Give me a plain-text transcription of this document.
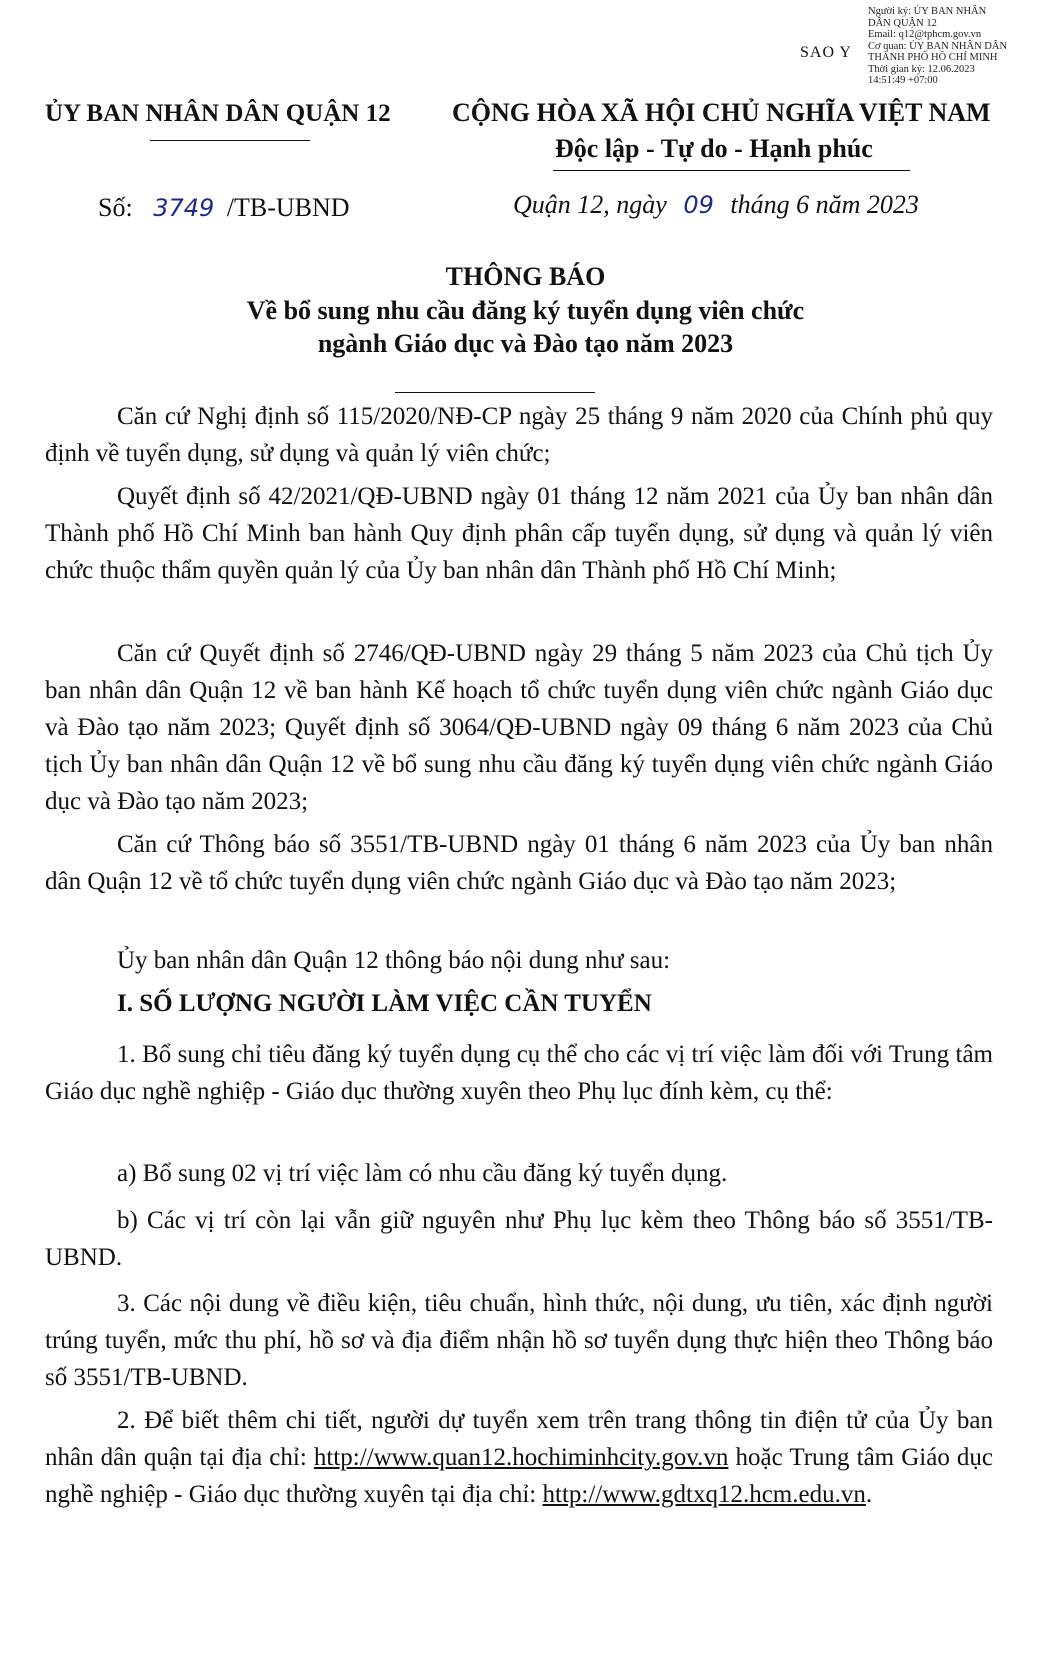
Người ký: ỦY BAN NHÂN DÂN QUẬN 12
Email: q12@tphcm.gov.vn
Cơ quan: ỦY BAN NHÂN DÂN THÀNH PHỐ HỒ CHÍ MINH
Thời gian ký: 12.06.2023
14:51:49 +07:00
SAO Y
ỦY BAN NHÂN DÂN QUẬN 12 CỘNG HÒA XÃ HỘI CHỦ NGHĨA VIỆT NAM
Độc lập - Tự do - Hạnh phúc
Số: 3749 /TB-UBND	Quận 12, ngày 09 tháng 6 năm 2023
THÔNG BÁO
Về bổ sung nhu cầu đăng ký tuyển dụng viên chức
ngành Giáo dục và Đào tạo năm 2023
Căn cứ Nghị định số 115/2020/NĐ-CP ngày 25 tháng 9 năm 2020 của Chính phủ quy định về tuyển dụng, sử dụng và quản lý viên chức;
Quyết định số 42/2021/QĐ-UBND ngày 01 tháng 12 năm 2021 của Ủy ban nhân dân Thành phố Hồ Chí Minh ban hành Quy định phân cấp tuyển dụng, sử dụng và quản lý viên chức thuộc thẩm quyền quản lý của Ủy ban nhân dân Thành phố Hồ Chí Minh;
Căn cứ Quyết định số 2746/QĐ-UBND ngày 29 tháng 5 năm 2023 của Chủ tịch Ủy ban nhân dân Quận 12 về ban hành Kế hoạch tổ chức tuyển dụng viên chức ngành Giáo dục và Đào tạo năm 2023; Quyết định số 3064/QĐ-UBND ngày 09 tháng 6 năm 2023 của Chủ tịch Ủy ban nhân dân Quận 12 về bổ sung nhu cầu đăng ký tuyển dụng viên chức ngành Giáo dục và Đào tạo năm 2023;
Căn cứ Thông báo số 3551/TB-UBND ngày 01 tháng 6 năm 2023 của Ủy ban nhân dân Quận 12 về tổ chức tuyển dụng viên chức ngành Giáo dục và Đào tạo năm 2023;
Ủy ban nhân dân Quận 12 thông báo nội dung như sau:
I. SỐ LƯỢNG NGƯỜI LÀM VIỆC CẦN TUYỂN
1. Bổ sung chỉ tiêu đăng ký tuyển dụng cụ thể cho các vị trí việc làm đối với Trung tâm Giáo dục nghề nghiệp - Giáo dục thường xuyên theo Phụ lục đính kèm, cụ thể:
a) Bổ sung 02 vị trí việc làm có nhu cầu đăng ký tuyển dụng.
b) Các vị trí còn lại vẫn giữ nguyên như Phụ lục kèm theo Thông báo số 3551/TB-UBND.
3. Các nội dung về điều kiện, tiêu chuẩn, hình thức, nội dung, ưu tiên, xác định người trúng tuyển, mức thu phí, hồ sơ và địa điểm nhận hồ sơ tuyển dụng thực hiện theo Thông báo số 3551/TB-UBND.
2. Để biết thêm chi tiết, người dự tuyển xem trên trang thông tin điện tử của Ủy ban nhân dân quận tại địa chỉ: http://www.quan12.hochiminhcity.gov.vn hoặc Trung tâm Giáo dục nghề nghiệp - Giáo dục thường xuyên tại địa chỉ: http://www.gdtxq12.hcm.edu.vn.
